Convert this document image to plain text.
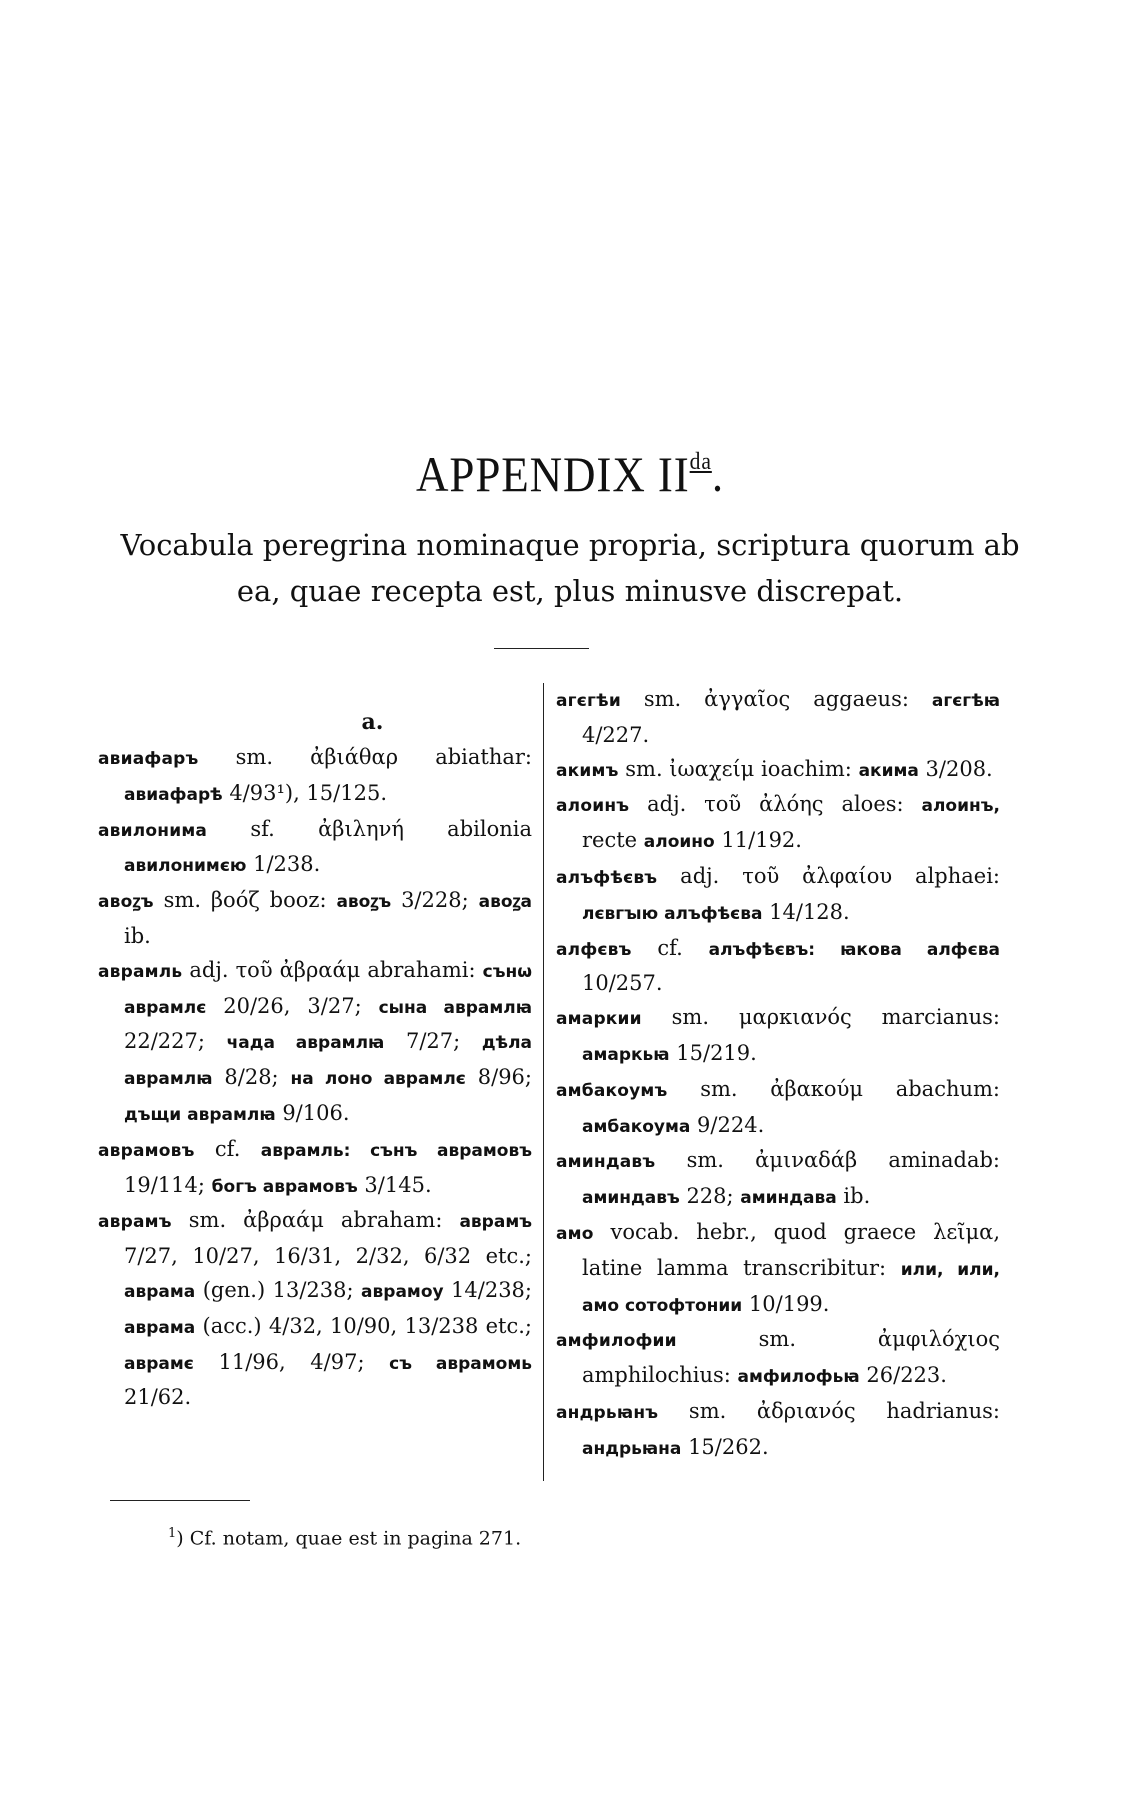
APPENDIX $II^{da}$.
Vocabula peregrina nominaque propria, scriptura quorum ab ea, quae recepta est, plus minusve discrepat.
а.

авиафаръ sm. ἀβιάθαρ abiathar: авиафарѣ 4/93¹), 15/125.

авилонима sf. ἀβιληνή abilonia авилонимєю 1/238.

авоꙁъ sm. βοόζ booz: авоꙁъ 3/228; авоꙁа ib.

аврамль adj. τοῦ ἀβραάμ abrahami: сънѡ аврамлє 20/26, 3/27; сына аврамлꙗ 22/227; чада аврамлꙗ 7/27; дѣла аврамлꙗ 8/28; на лоно аврамлє 8/96; дъщи аврамлꙗ 9/106.

аврамовъ cf. аврамль: сънъ аврамовъ 19/114; богъ аврамовъ 3/145.

аврамъ sm. ἀβραάμ abraham: аврамъ 7/27, 10/27, 16/31, 2/32, 6/32 etc.; аврама (gen.) 13/238; аврамоу 14/238; аврама (acc.) 4/32, 10/90, 13/238 etc.; аврамє 11/96, 4/97; съ аврамомь 21/62.

агєгѣи sm. ἀγγαῖος aggaeus: агєгѣꙗ 4/227.

акимъ sm. ἰωαχείμ ioachim: акима 3/208.

алоинъ adj. τοῦ ἀλόης aloes: алоинъ, recte алоино 11/192.

алъфѣєвъ adj. τοῦ ἀλφαίου alphaei: лєвгꙑю алъфѣєва 14/128.

алфєвъ cf. алъфѣєвъ: ꙗкова алфєва 10/257.

амаркии sm. μαρκιανός marcianus: амаркьꙗ 15/219.

амбакоумъ sm. ἀβακούμ abachum: амбакоума 9/224.

аминдавъ sm. ἀμιναδάβ aminadab: аминдавъ 228; аминдава ib.

амо vocab. hebr., quod graece λεῖμα, latine lamma transcribitur: или, или, амо сотофтонии 10/199.

амфилофии sm. ἀμφιλόχιος amphilochius: амфилофьꙗ 26/223.

андрьꙗнъ sm. ἀδριανός hadrianus: андрьꙗна 15/262.

$^1$) Cf. notam, quae est in pagina 271.
